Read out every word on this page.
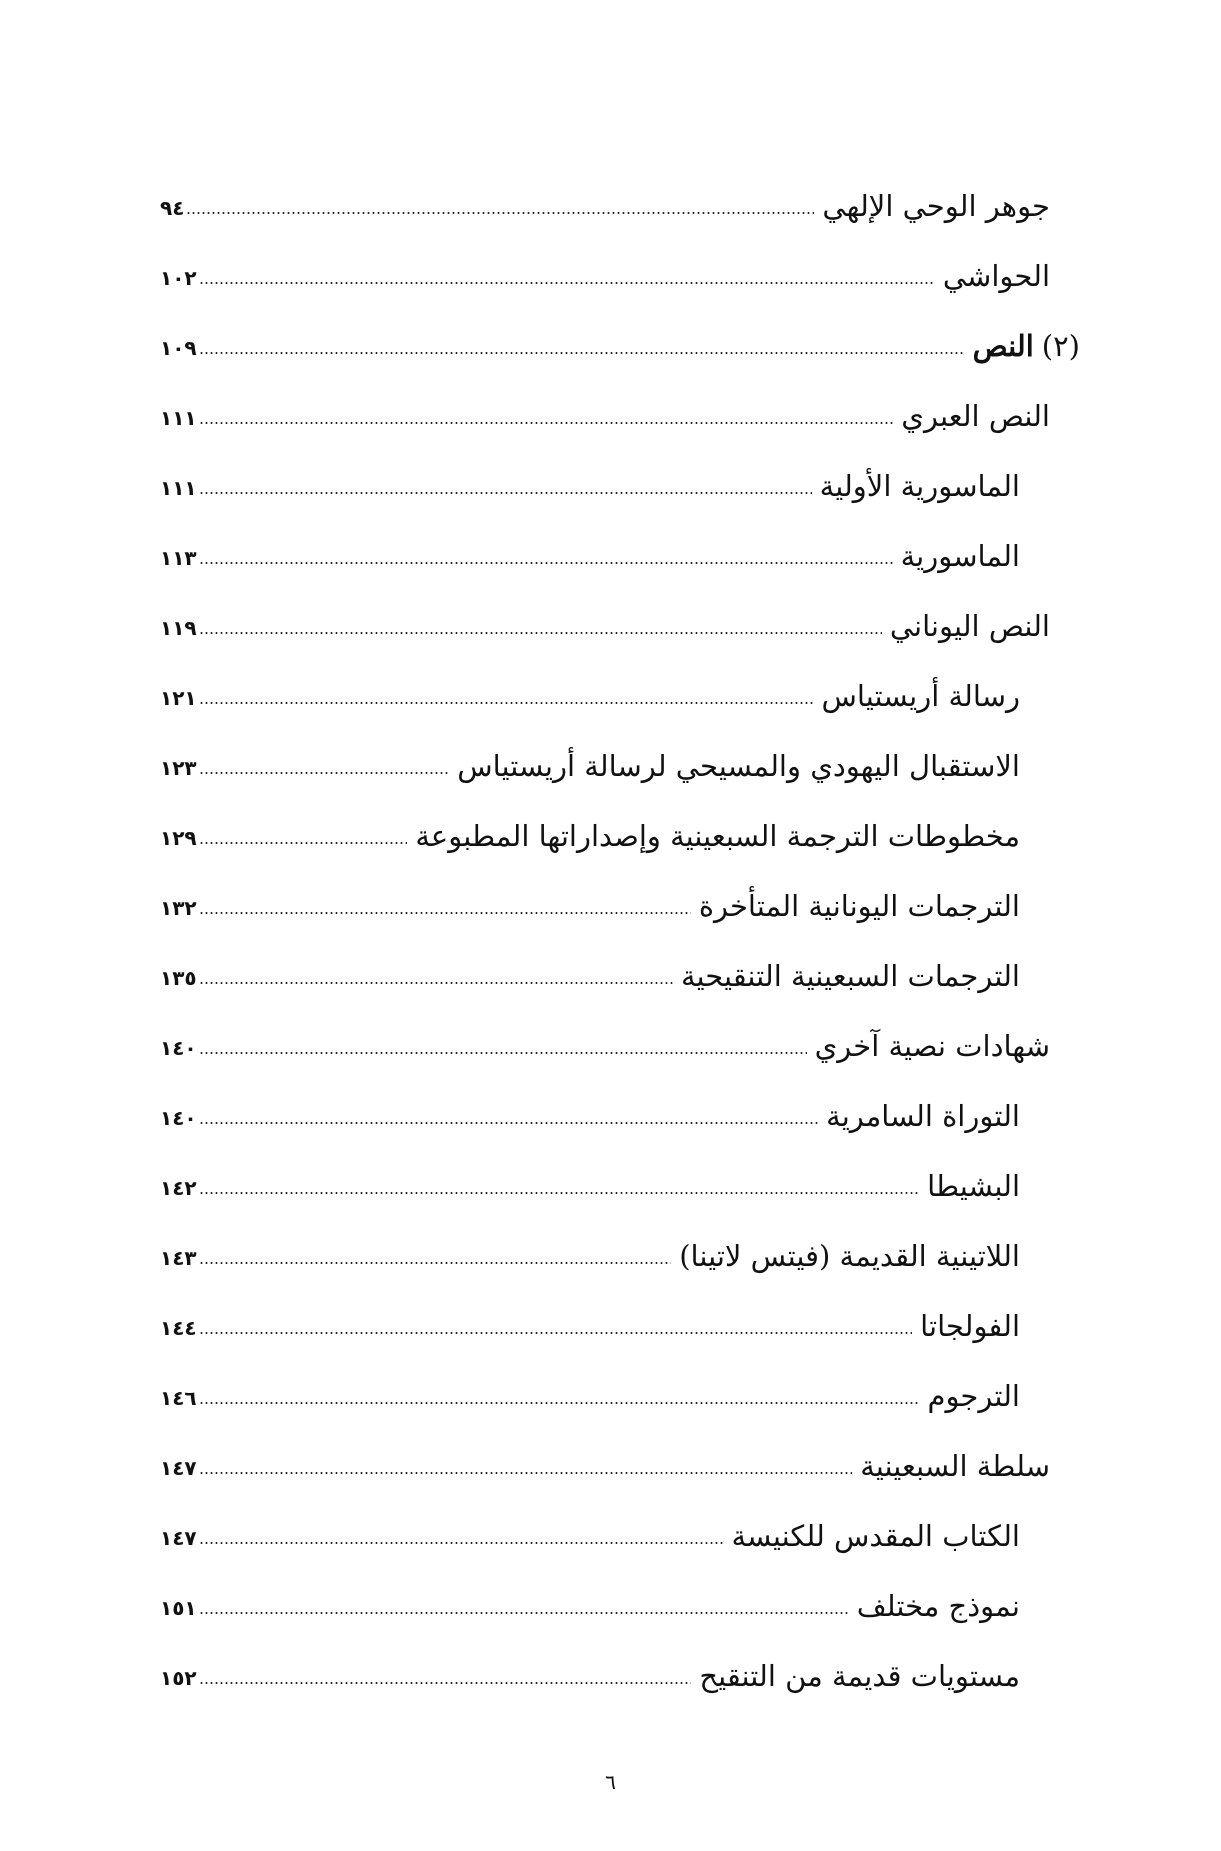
جوهر الوحي الإلهي
٩٤
الحواشي
١٠٢
(٢)
النص
١٠٩
النص العبري
١١١
الماسورية الأولية
١١١
الماسورية
١١٣
النص اليوناني
١١٩
رسالة أريستياس
١٢١
الاستقبال اليهودي والمسيحي لرسالة أريستياس
١٢٣
مخطوطات الترجمة السبعينية وإصداراتها المطبوعة
١٢٩
الترجمات اليونانية المتأخرة
١٣٢
الترجمات السبعينية التنقيحية
١٣٥
شهادات نصية آخري
١٤٠
التوراة السامرية
١٤٠
البشيطا
١٤٢
اللاتينية القديمة (فيتس لاتينا)
١٤٣
الفولجاتا
١٤٤
الترجوم
١٤٦
سلطة السبعينية
١٤٧
الكتاب المقدس للكنيسة
١٤٧
نموذج مختلف
١٥١
مستويات قديمة من التنقيح
١٥٢
٦
